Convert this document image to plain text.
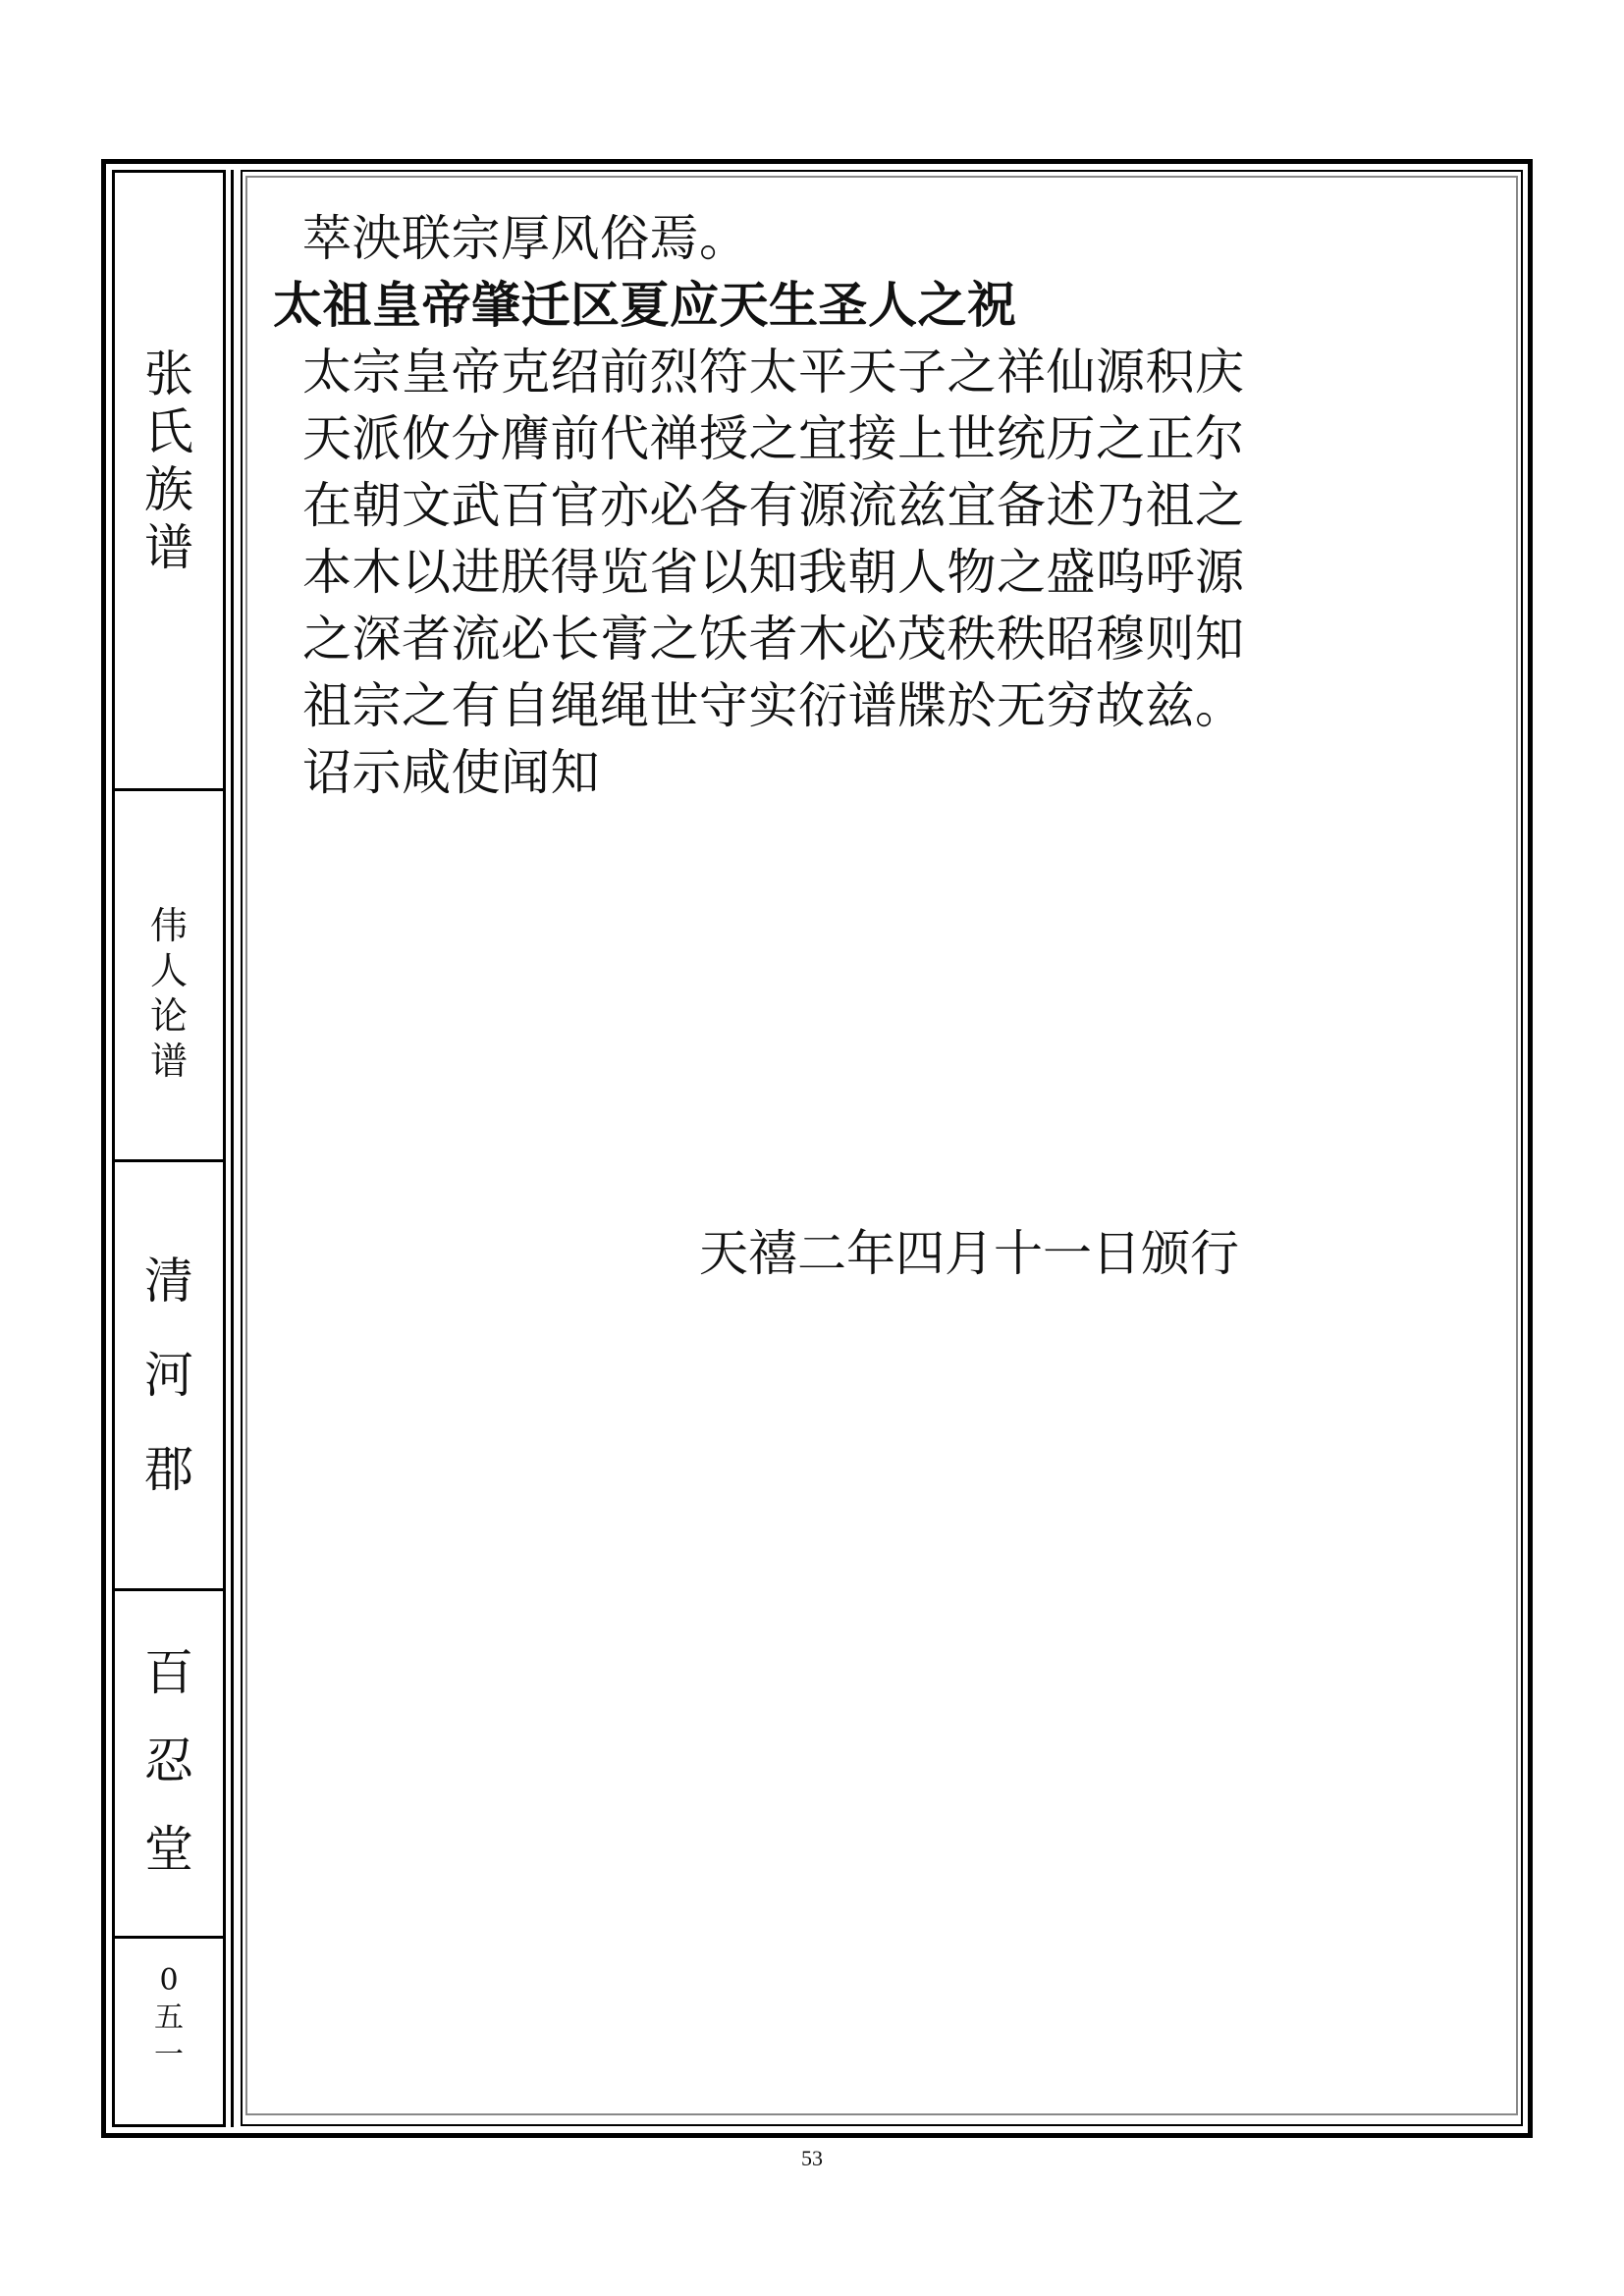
张
氏
族
谱
伟
人
论
谱
清
河
郡
百
忍
堂
0
五
一
萃泱联宗厚风俗焉。
太祖皇帝肇迁区夏应天生圣人之祝
太宗皇帝克绍前烈符太平天子之祥仙源积庆
天派攸分膺前代禅授之宜接上世统历之正尔
在朝文武百官亦必各有源流兹宜备述乃祖之
本木以进朕得览省以知我朝人物之盛呜呼源
之深者流必长膏之饫者木必茂秩秩昭穆则知
祖宗之有自绳绳世守实衍谱牒於无穷故兹。
诏示咸使闻知
天禧二年四月十一日颁行
53
